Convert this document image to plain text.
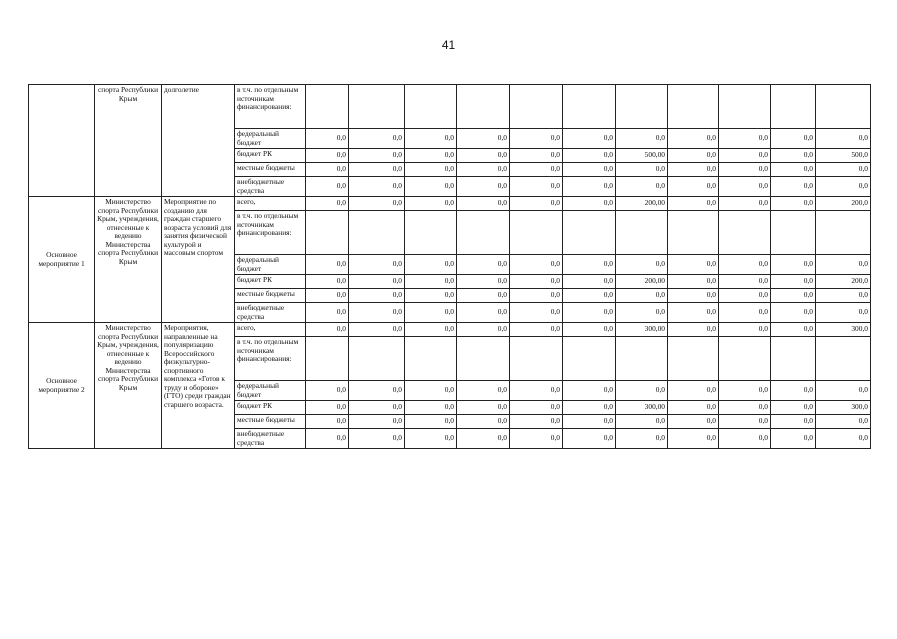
41
	спорта Республики Крым	долголетие	в т.ч. по отдельным источникам финансирования:											
			федеральный бюджет	0,0	0,0	0,0	0,0	0,0	0,0	0,0	0,0	0,0	0,0	0,0
			бюджет РК	0,0	0,0	0,0	0,0	0,0	0,0	500,00	0,0	0,0	0,0	500,0
			местные бюджеты	0,0	0,0	0,0	0,0	0,0	0,0	0,0	0,0	0,0	0,0	0,0
			внебюджетные средства	0,0	0,0	0,0	0,0	0,0	0,0	0,0	0,0	0,0	0,0	0,0
Основное мероприятие 1	Министерство спорта Республики Крым, учреждения, отнесенные к ведению Министерства спорта Республики Крым	Мероприятие по созданию для граждан старшего возраста условий для занятия физической культурой и массовым спортом	всего,	0,0	0,0	0,0	0,0	0,0	0,0	200,00	0,0	0,0	0,0	200,0
			в т.ч. по отдельным источникам финансирования:											
			федеральный бюджет	0,0	0,0	0,0	0,0	0,0	0,0	0,0	0,0	0,0	0,0	0,0
			бюджет РК	0,0	0,0	0,0	0,0	0,0	0,0	200,00	0,0	0,0	0,0	200,0
			местные бюджеты	0,0	0,0	0,0	0,0	0,0	0,0	0,0	0,0	0,0	0,0	0,0
			внебюджетные средства	0,0	0,0	0,0	0,0	0,0	0,0	0,0	0,0	0,0	0,0	0,0
Основное мероприятие 2	Министерство спорта Республики Крым, учреждения, отнесенные к ведению Министерства спорта Республики Крым	Мероприятия, направленные на популяризацию Всероссийского физкультурно-спортивного комплекса «Готов к труду и обороне» (ГТО) среди граждан старшего возраста.	всего,	0,0	0,0	0,0	0,0	0,0	0,0	300,00	0,0	0,0	0,0	300,0
			в т.ч. по отдельным источникам финансирования:											
			федеральный бюджет	0,0	0,0	0,0	0,0	0,0	0,0	0,0	0,0	0,0	0,0	0,0
			бюджет РК	0,0	0,0	0,0	0,0	0,0	0,0	300,00	0,0	0,0	0,0	300,0
			местные бюджеты	0,0	0,0	0,0	0,0	0,0	0,0	0,0	0,0	0,0	0,0	0,0
			внебюджетные средства	0,0	0,0	0,0	0,0	0,0	0,0	0,0	0,0	0,0	0,0	0,0
